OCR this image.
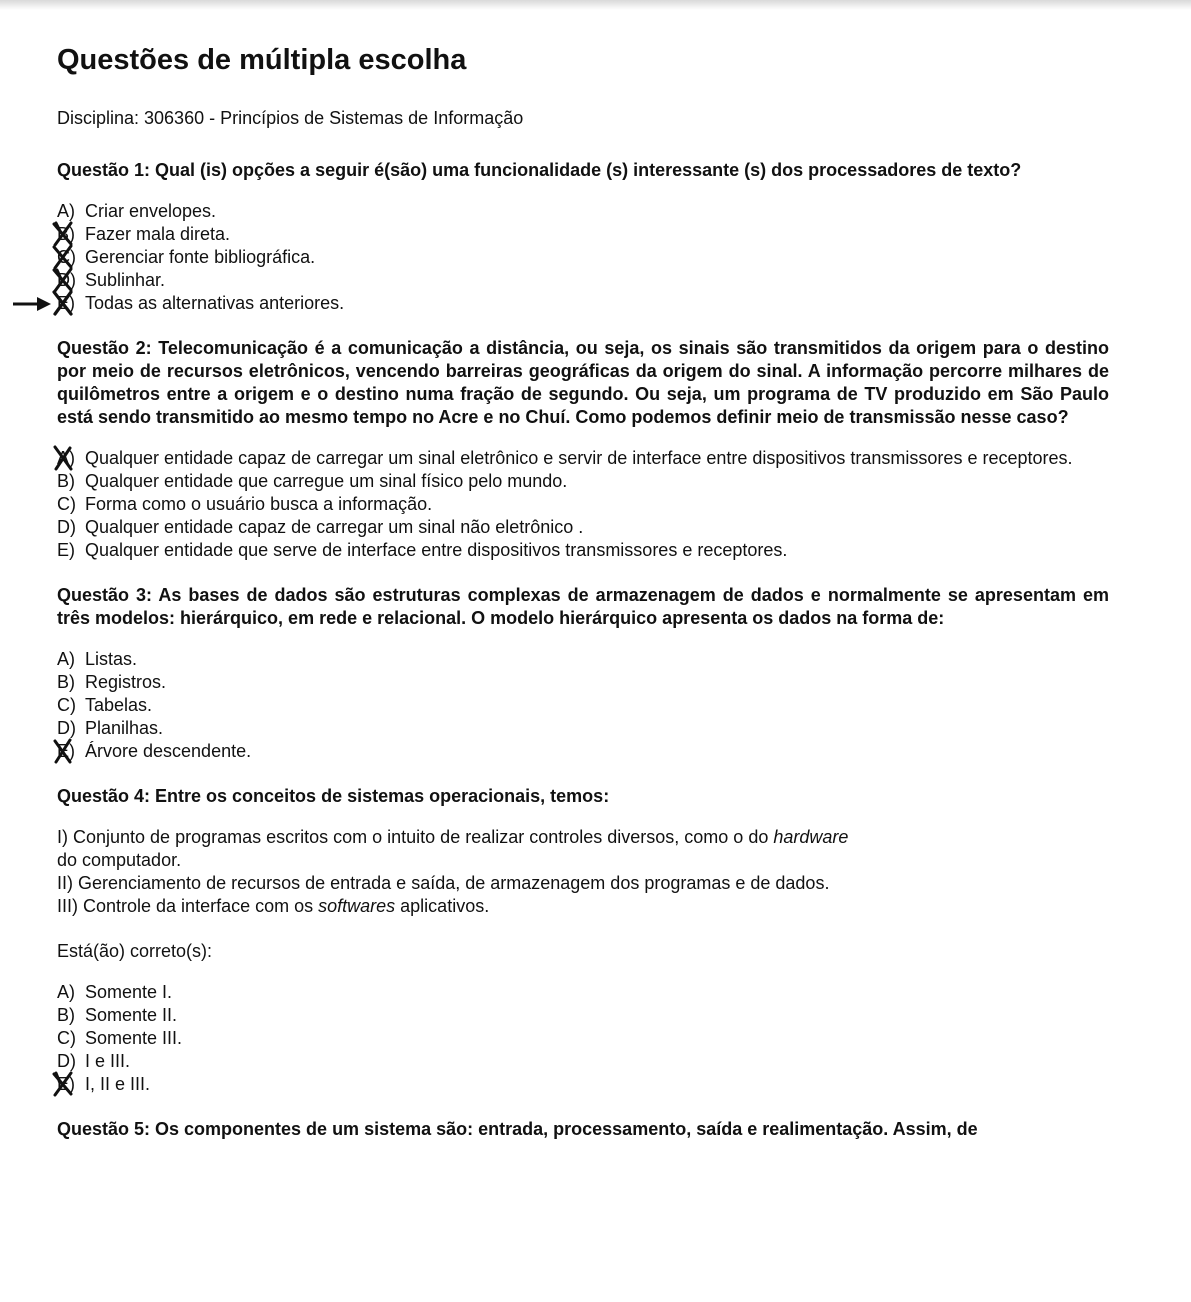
Questões de múltipla escolha
Disciplina: 306360 - Princípios de Sistemas de Informação
Questão 1: Qual (is) opções a seguir é(são) uma funcionalidade (s) interessante (s) dos processadores de texto?
A) Criar envelopes.
B) Fazer mala direta.
C) Gerenciar fonte bibliográfica.
D) Sublinhar.
E) Todas as alternativas anteriores.
Questão 2: Telecomunicação é a comunicação a distância, ou seja, os sinais são transmitidos da origem para o destino por meio de recursos eletrônicos, vencendo barreiras geográficas da origem do sinal. A informação percorre milhares de quilômetros entre a origem e o destino numa fração de segundo. Ou seja, um programa de TV produzido em São Paulo está sendo transmitido ao mesmo tempo no Acre e no Chuí. Como podemos definir meio de transmissão nesse caso?
A) Qualquer entidade capaz de carregar um sinal eletrônico e servir de interface entre dispositivos transmissores e receptores.
B) Qualquer entidade que carregue um sinal físico pelo mundo.
C) Forma como o usuário busca a informação.
D) Qualquer entidade capaz de carregar um sinal não eletrônico .
E) Qualquer entidade que serve de interface entre dispositivos transmissores e receptores.
Questão 3: As bases de dados são estruturas complexas de armazenagem de dados e normalmente se apresentam em três modelos: hierárquico, em rede e relacional. O modelo hierárquico apresenta os dados na forma de:
A) Listas.
B) Registros.
C) Tabelas.
D) Planilhas.
E) Árvore descendente.
Questão 4: Entre os conceitos de sistemas operacionais, temos:
I) Conjunto de programas escritos com o intuito de realizar controles diversos, como o do hardware
do computador.
II) Gerenciamento de recursos de entrada e saída, de armazenagem dos programas e de dados.
III) Controle da interface com os softwares aplicativos.
Está(ão) correto(s):
A) Somente I.
B) Somente II.
C) Somente III.
D) I e III.
E) I, II e III.
Questão 5: Os componentes de um sistema são: entrada, processamento, saída e realimentação. Assim, de
